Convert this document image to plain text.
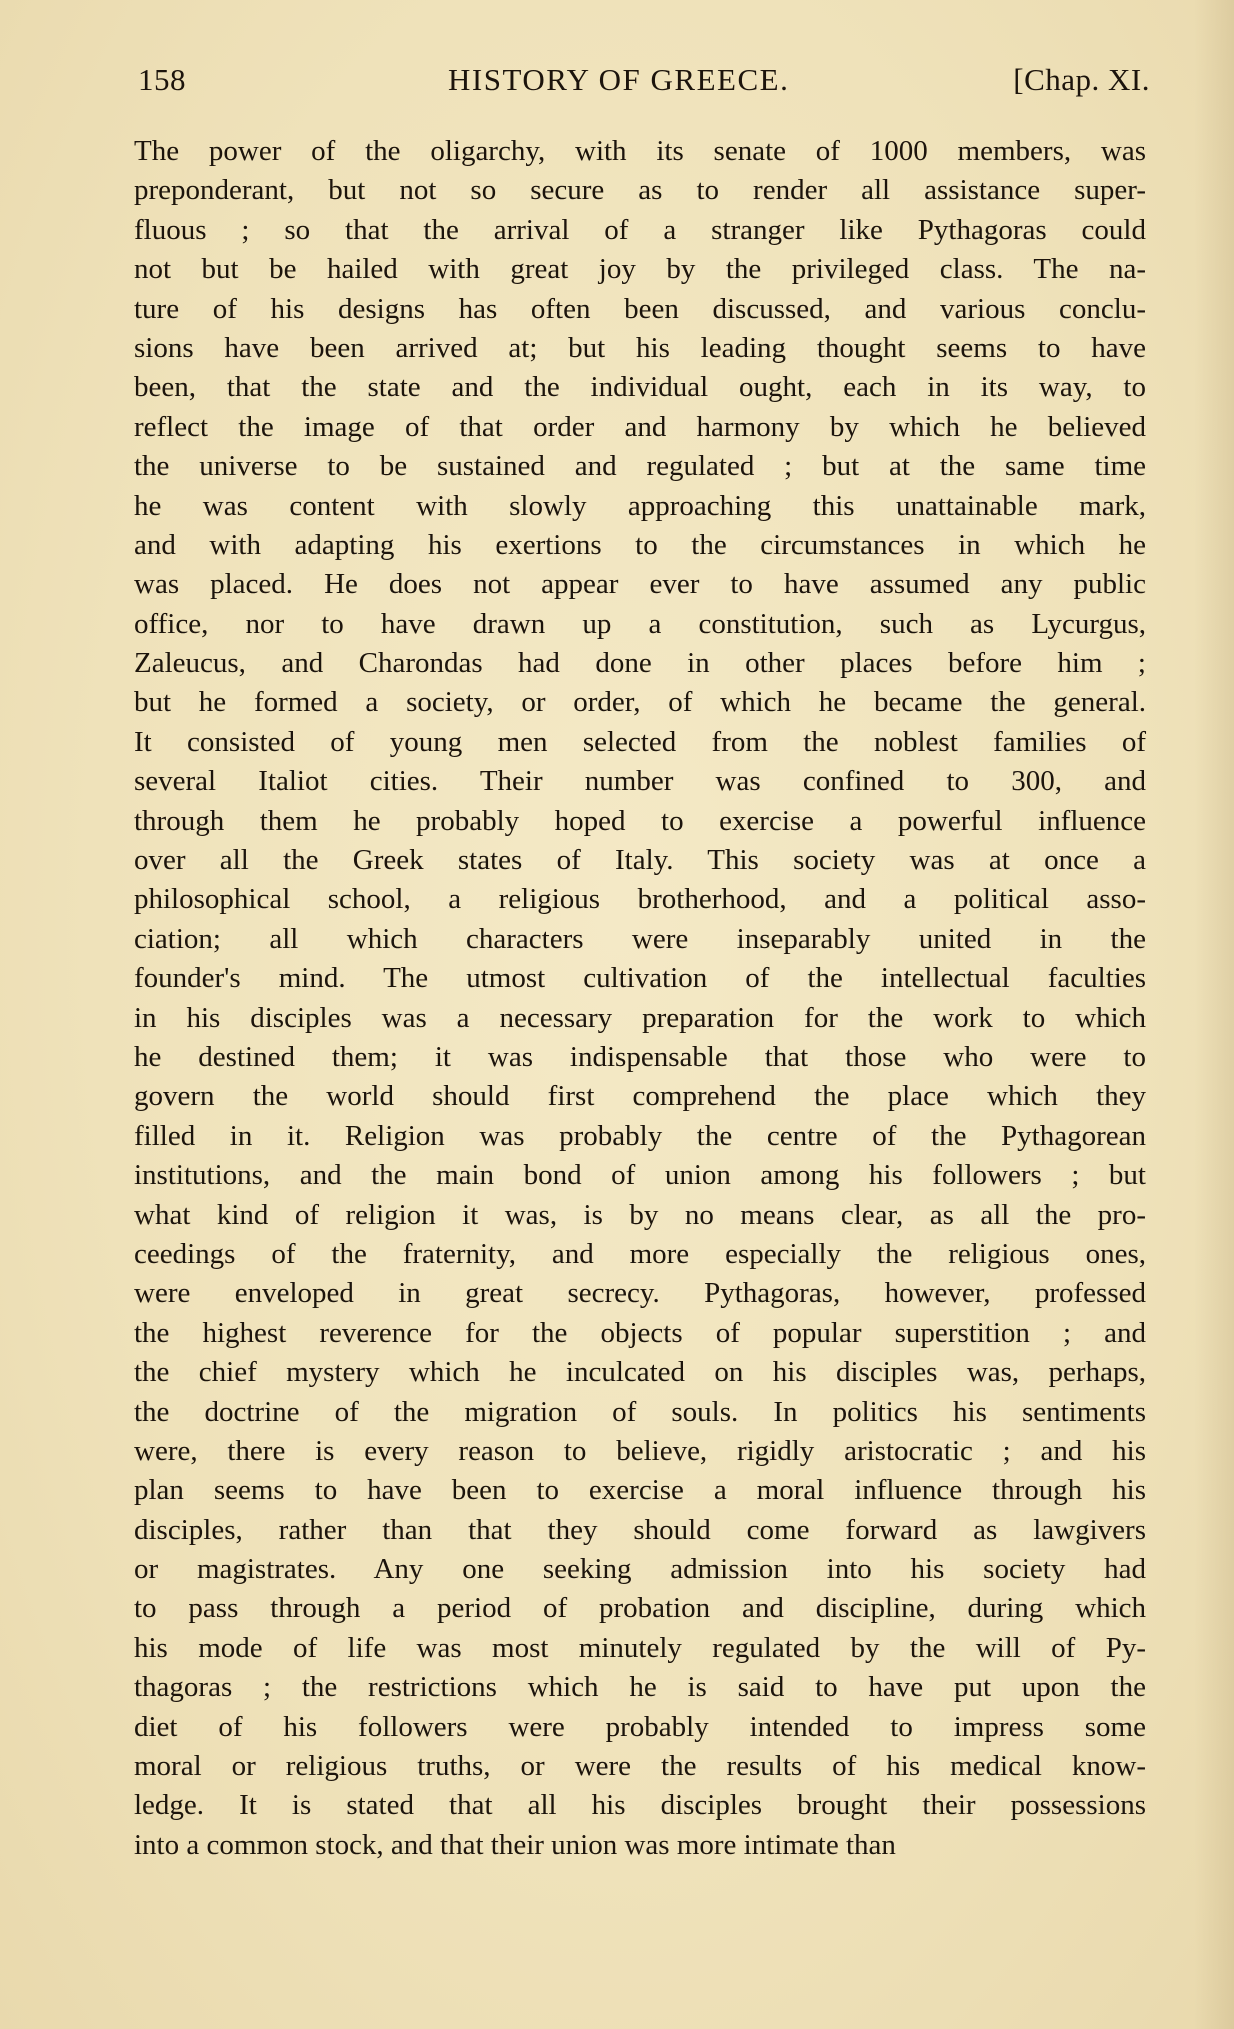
158	HISTORY OF GREECE.	[Chap. XI.
The power of the oligarchy, with its senate of 1000 members, was
preponderant, but not so secure as to render all assistance super-
fluous ; so that the arrival of a stranger like Pythagoras could
not but be hailed with great joy by the privileged class. The na-
ture of his designs has often been discussed, and various conclu-
sions have been arrived at; but his leading thought seems to have
been, that the state and the individual ought, each in its way, to
reflect the image of that order and harmony by which he believed
the universe to be sustained and regulated ; but at the same time
he was content with slowly approaching this unattainable mark,
and with adapting his exertions to the circumstances in which he
was placed. He does not appear ever to have assumed any public
office, nor to have drawn up a constitution, such as Lycurgus,
Zaleucus, and Charondas had done in other places before him ;
but he formed a society, or order, of which he became the general.
It consisted of young men selected from the noblest families of
several Italiot cities. Their number was confined to 300, and
through them he probably hoped to exercise a powerful influence
over all the Greek states of Italy. This society was at once a
philosophical school, a religious brotherhood, and a political asso-
ciation; all which characters were inseparably united in the
founder's mind. The utmost cultivation of the intellectual faculties
in his disciples was a necessary preparation for the work to which
he destined them; it was indispensable that those who were to
govern the world should first comprehend the place which they
filled in it. Religion was probably the centre of the Pythagorean
institutions, and the main bond of union among his followers ; but
what kind of religion it was, is by no means clear, as all the pro-
ceedings of the fraternity, and more especially the religious ones,
were enveloped in great secrecy. Pythagoras, however, professed
the highest reverence for the objects of popular superstition ; and
the chief mystery which he inculcated on his disciples was, perhaps,
the doctrine of the migration of souls. In politics his sentiments
were, there is every reason to believe, rigidly aristocratic ; and his
plan seems to have been to exercise a moral influence through his
disciples, rather than that they should come forward as lawgivers
or magistrates. Any one seeking admission into his society had
to pass through a period of probation and discipline, during which
his mode of life was most minutely regulated by the will of Py-
thagoras ; the restrictions which he is said to have put upon the
diet of his followers were probably intended to impress some
moral or religious truths, or were the results of his medical know-
ledge. It is stated that all his disciples brought their possessions
into a common stock, and that their union was more intimate than
